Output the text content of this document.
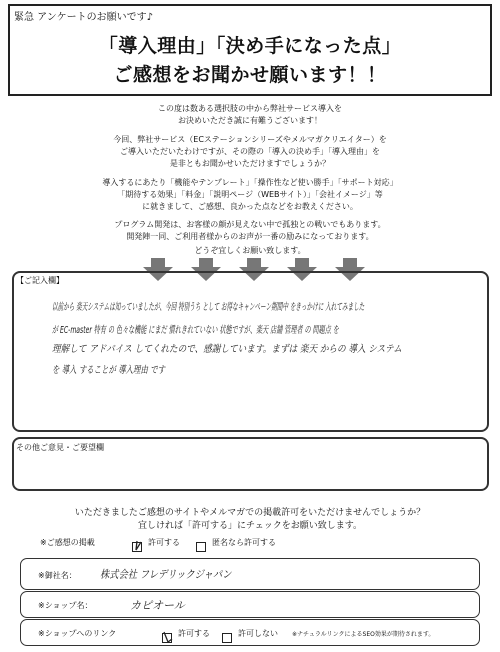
緊急 アンケートのお願いです♪
「導入理由」「決め手になった点」
ご感想をお聞かせ願います！！
この度は数ある選択肢の中から弊社サービス導入を
お決めいただき誠に有難うございます！
今回、弊社サービス（ECステーションシリーズやメルマガクリエイター）を
ご導入いただいたわけですが、その際の「導入の決め手」「導入理由」を
是非ともお聞かせいただけますでしょうか？
導入するにあたり「機能やテンプレート」「操作性など使い勝手」「サポート対応」
「期待する効果」「料金」「説明ページ（WEBサイト）」「会社イメージ」等
に就きまして、ご感想、良かった点などをお教えください。
プログラム開発は、お客様の顔が見えない中で孤独との戦いでもあります。
開発陣一同、ご利用者様からのお声が一番の励みになっております。
どうぞ宜しくお願い致します。
【ご記入欄】
以前から 楽天システムは知っていましたが、今回 特別うち として お得なキャンペーン期間中 をきっかけに 入れてみました
が EC-master 特有 の 色々な機能 にまだ 慣れきれていない 状態ですが、楽天 店舗 管理者 の 問題点 を
理解して アドバイス してくれたので、感謝しています。まずは 楽天 からの 導入 システム
を 導入 することが 導入理由 です
その他ご意見・ご要望欄
いただきましたご感想のサイトやメルマガでの掲載許可をいただけませんでしょうか？
宜しければ「許可する」にチェックをお願い致します。
※ご感想の掲載	許可する	匿名なら許可する
※御社名： 株式会社 フレデリックジャパン
※ショップ名：	カピオール
※ショップへのリンク	許可する	許可しない ※ナチュラルリンクによるSEO効果が期待されます。
